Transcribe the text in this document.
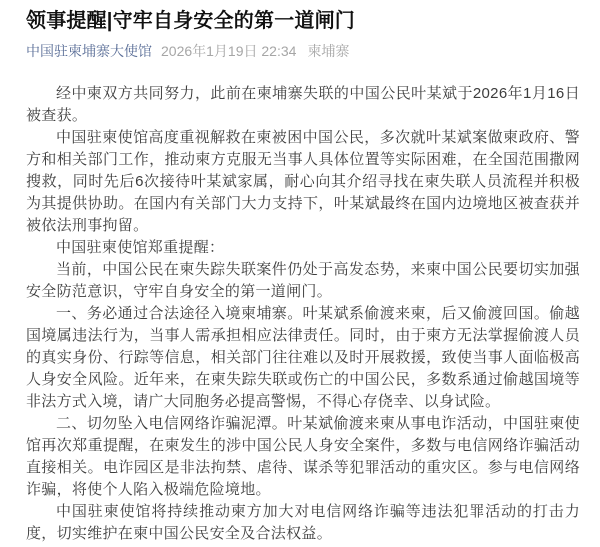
领事提醒|守牢自身安全的第一道闸门
中国驻柬埔寨大使馆 2026年1月19日 22:34 柬埔寨

经中柬双方共同努力，此前在柬埔寨失联的中国公民叶某斌于2026年1月16日被查获。

中国驻柬使馆高度重视解救在柬被困中国公民，多次就叶某斌案做柬政府、警方和相关部门工作，推动柬方克服无当事人具体位置等实际困难，在全国范围撒网搜救，同时先后6次接待叶某斌家属，耐心向其介绍寻找在柬失联人员流程并积极为其提供协助。在国内有关部门大力支持下，叶某斌最终在国内边境地区被查获并被依法刑事拘留。

中国驻柬使馆郑重提醒：

当前，中国公民在柬失踪失联案件仍处于高发态势，来柬中国公民要切实加强安全防范意识，守牢自身安全的第一道闸门。

一、务必通过合法途径入境柬埔寨。叶某斌系偷渡来柬，后又偷渡回国。偷越国境属违法行为，当事人需承担相应法律责任。同时，由于柬方无法掌握偷渡人员的真实身份、行踪等信息，相关部门往往难以及时开展救援，致使当事人面临极高人身安全风险。近年来，在柬失踪失联或伤亡的中国公民，多数系通过偷越国境等非法方式入境，请广大同胞务必提高警惕，不得心存侥幸、以身试险。

二、切勿坠入电信网络诈骗泥潭。叶某斌偷渡来柬从事电诈活动，中国驻柬使馆再次郑重提醒，在柬发生的涉中国公民人身安全案件，多数与电信网络诈骗活动直接相关。电诈园区是非法拘禁、虐待、谋杀等犯罪活动的重灾区。参与电信网络诈骗，将使个人陷入极端危险境地。

中国驻柬使馆将持续推动柬方加大对电信网络诈骗等违法犯罪活动的打击力度，切实维护在柬中国公民安全及合法权益。
